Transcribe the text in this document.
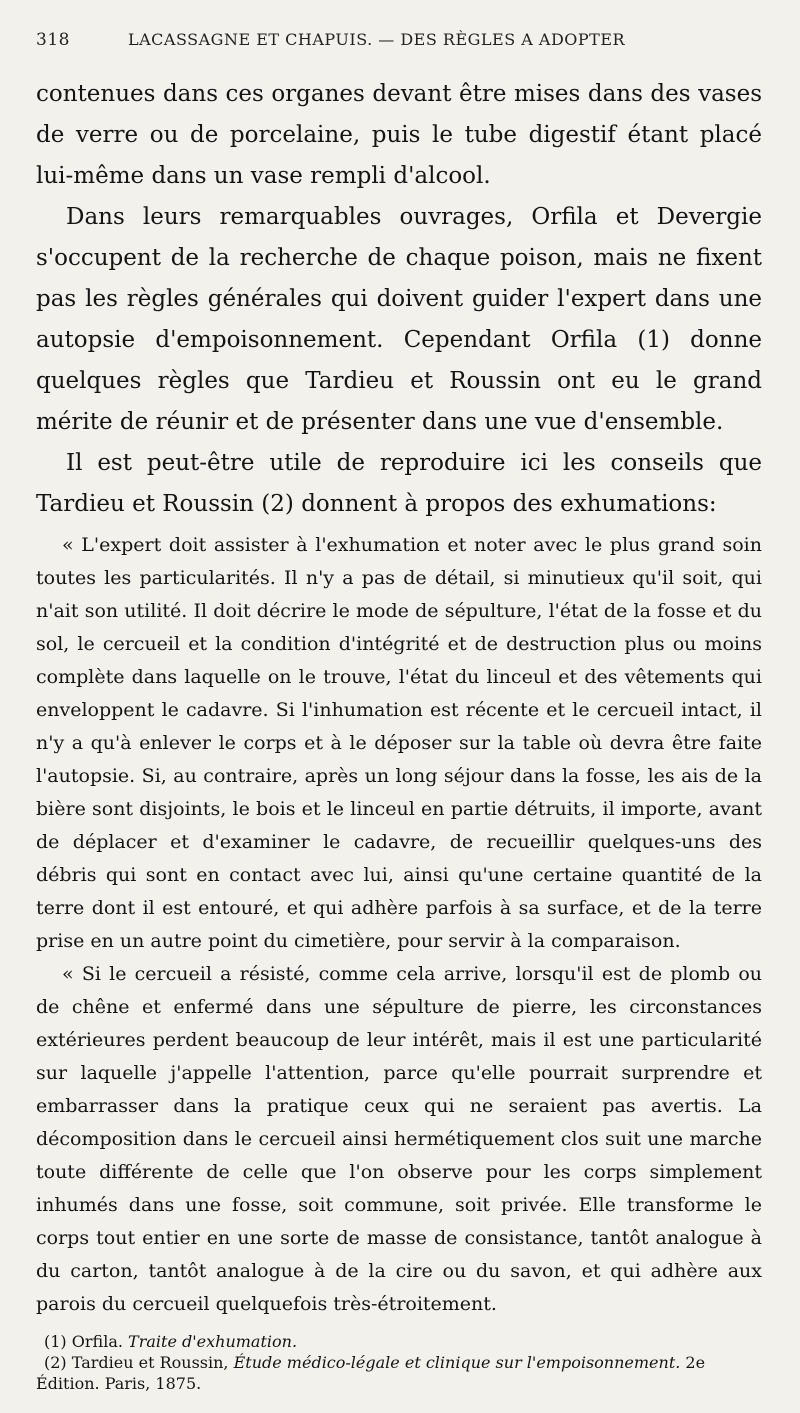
318	LACASSAGNE ET CHAPUIS. — DES RÈGLES A ADOPTER

contenues dans ces organes devant être mises dans des vases de verre ou de porcelaine, puis le tube digestif étant placé lui-même dans un vase rempli d'alcool.

Dans leurs remarquables ouvrages, Orfila et Devergie s'occupent de la recherche de chaque poison, mais ne fixent pas les règles générales qui doivent guider l'expert dans une autopsie d'empoisonnement. Cependant Orfila (1) donne quelques règles que Tardieu et Roussin ont eu le grand mérite de réunir et de présenter dans une vue d'ensemble.

Il est peut-être utile de reproduire ici les conseils que Tardieu et Roussin (2) donnent à propos des exhumations:

« L'expert doit assister à l'exhumation et noter avec le plus grand soin toutes les particularités. Il n'y a pas de détail, si minutieux qu'il soit, qui n'ait son utilité. Il doit décrire le mode de sépulture, l'état de la fosse et du sol, le cercueil et la condition d'intégrité et de destruction plus ou moins complète dans laquelle on le trouve, l'état du linceul et des vêtements qui enveloppent le cadavre. Si l'inhumation est récente et le cercueil intact, il n'y a qu'à enlever le corps et à le déposer sur la table où devra être faite l'autopsie. Si, au contraire, après un long séjour dans la fosse, les ais de la bière sont disjoints, le bois et le linceul en partie détruits, il importe, avant de déplacer et d'examiner le cadavre, de recueillir quelques-uns des débris qui sont en contact avec lui, ainsi qu'une certaine quantité de la terre dont il est entouré, et qui adhère parfois à sa surface, et de la terre prise en un autre point du cimetière, pour servir à la comparaison.

« Si le cercueil a résisté, comme cela arrive, lorsqu'il est de plomb ou de chêne et enfermé dans une sépulture de pierre, les circonstances extérieures perdent beaucoup de leur intérêt, mais il est une particularité sur laquelle j'appelle l'attention, parce qu'elle pourrait surprendre et embarrasser dans la pratique ceux qui ne seraient pas avertis. La décomposition dans le cercueil ainsi hermétiquement clos suit une marche toute différente de celle que l'on observe pour les corps simplement inhumés dans une fosse, soit commune, soit privée. Elle transforme le corps tout entier en une sorte de masse de consistance, tantôt analogue à du carton, tantôt analogue à de la cire ou du savon, et qui adhère aux parois du cercueil quelquefois très-étroitement.

(1) Orfila. Traite d'exhumation.

(2) Tardieu et Roussin, Étude médico-légale et clinique sur l'empoisonnement. 2e Édition. Paris, 1875.
